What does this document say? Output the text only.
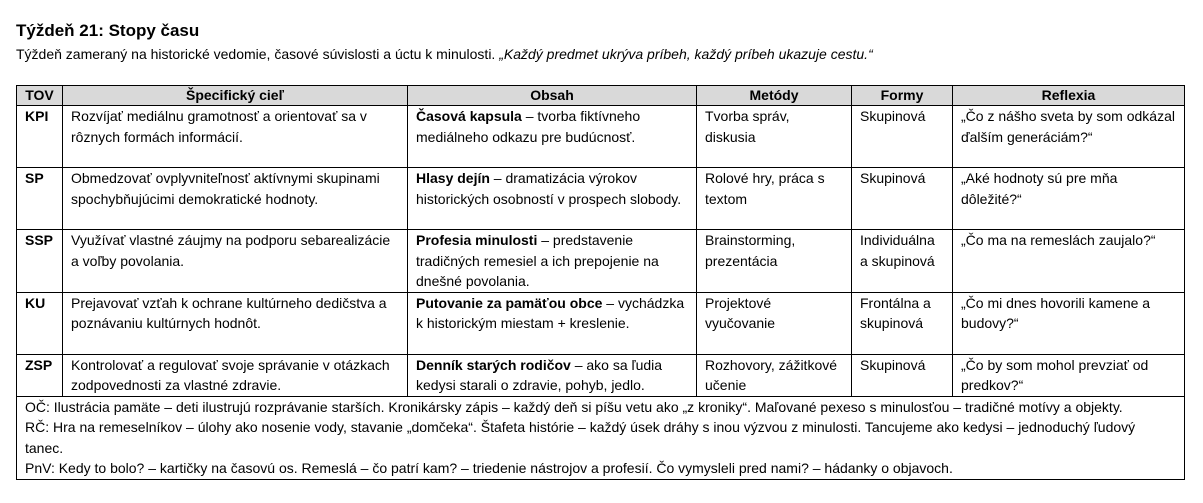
Týždeň 21: Stopy času
Týždeň zameraný na historické vedomie, časové súvislosti a úctu k minulosti. „Každý predmet ukrýva príbeh, každý príbeh ukazuje cestu.“
TOV	Špecifický cieľ	Obsah	Metódy	Formy	Reflexia
KPI	Rozvíjať mediálnu gramotnosť a orientovať sa v rôznych formách informácií.	Časová kapsula – tvorba fiktívneho mediálneho odkazu pre budúcnosť.	Tvorba správ, diskusia	Skupinová	„Čo z nášho sveta by som odkázal ďalším generáciám?“
SP	Obmedzovať ovplyvniteľnosť aktívnymi skupinami spochybňujúcimi demokratické hodnoty.	Hlasy dejín – dramatizácia výrokov historických osobností v prospech slobody.	Rolové hry, práca s textom	Skupinová	„Aké hodnoty sú pre mňa dôležité?“
SSP	Využívať vlastné záujmy na podporu sebarealizácie a voľby povolania.	Profesia minulosti – predstavenie tradičných remesiel a ich prepojenie na dnešné povolania.	Brainstorming, prezentácia	Individuálna a skupinová	„Čo ma na remeslách zaujalo?“
KU	Prejavovať vzťah k ochrane kultúrneho dedičstva a poznávaniu kultúrnych hodnôt.	Putovanie za pamäťou obce – vychádzka k historickým miestam + kreslenie.	Projektové vyučovanie	Frontálna a skupinová	„Čo mi dnes hovorili kamene a budovy?“
ZSP	Kontrolovať a regulovať svoje správanie v otázkach zodpovednosti za vlastné zdravie.	Denník starých rodičov – ako sa ľudia kedysi starali o zdravie, pohyb, jedlo.	Rozhovory, zážitkové učenie	Skupinová	„Čo by som mohol prevziať od predkov?“

OČ: Ilustrácia pamäte – deti ilustrujú rozprávanie starších. Kronikársky zápis – každý deň si píšu vetu ako „z kroniky“. Maľované pexeso s minulosťou – tradičné motívy a objekty.
RČ: Hra na remeselníkov – úlohy ako nosenie vody, stavanie „domčeka“. Štafeta histórie – každý úsek dráhy s inou výzvou z minulosti. Tancujeme ako kedysi – jednoduchý ľudový tanec.
PnV: Kedy to bolo? – kartičky na časovú os. Remeslá – čo patrí kam? – triedenie nástrojov a profesií. Čo vymysleli pred nami? – hádanky o objavoch.					
